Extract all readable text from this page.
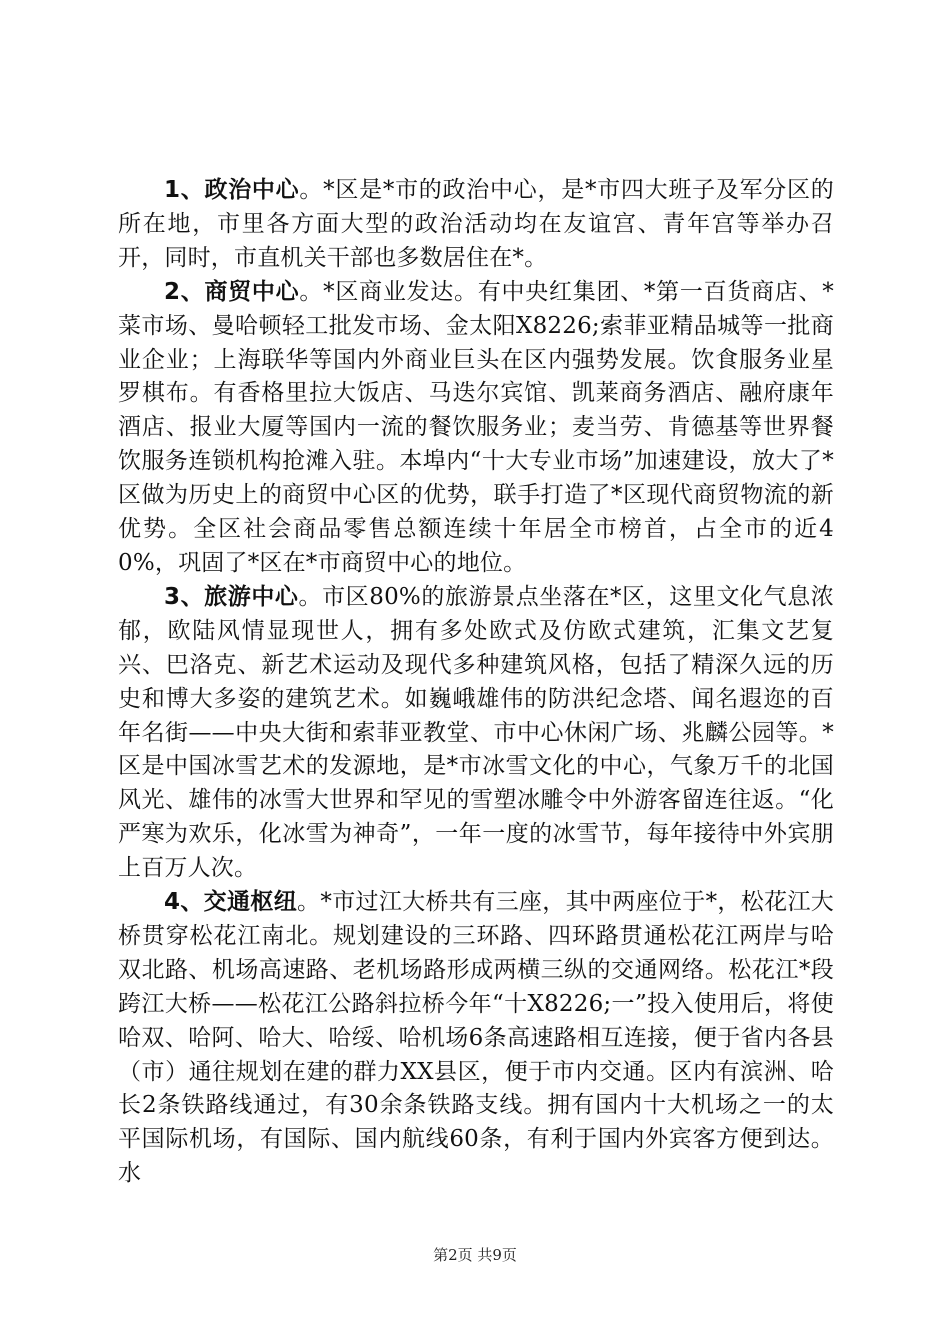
1、政治中心。*区是*市的政治中心，是*市四大班子及军分区的所在地，市里各方面大型的政治活动均在友谊宫、青年宫等举办召开，同时，市直机关干部也多数居住在*。

2、商贸中心。*区商业发达。有中央红集团、*第一百货商店、*菜市场、曼哈顿轻工批发市场、金太阳X8226;索菲亚精品城等一批商业企业；上海联华等国内外商业巨头在区内强势发展。饮食服务业星罗棋布。有香格里拉大饭店、马迭尔宾馆、凯莱商务酒店、融府康年酒店、报业大厦等国内一流的餐饮服务业；麦当劳、肯德基等世界餐饮服务连锁机构抢滩入驻。本埠内“十大专业市场”加速建设，放大了*区做为历史上的商贸中心区的优势，联手打造了*区现代商贸物流的新优势。全区社会商品零售总额连续十年居全市榜首，占全市的近40%，巩固了*区在*市商贸中心的地位。

3、旅游中心。市区80%的旅游景点坐落在*区，这里文化气息浓郁，欧陆风情显现世人，拥有多处欧式及仿欧式建筑，汇集文艺复兴、巴洛克、新艺术运动及现代多种建筑风格，包括了精深久远的历史和博大多姿的建筑艺术。如巍峨雄伟的防洪纪念塔、闻名遐迩的百年名街——中央大街和索菲亚教堂、市中心休闲广场、兆麟公园等。*区是中国冰雪艺术的发源地，是*市冰雪文化的中心，气象万千的北国风光、雄伟的冰雪大世界和罕见的雪塑冰雕令中外游客留连往返。“化严寒为欢乐，化冰雪为神奇”，一年一度的冰雪节，每年接待中外宾朋上百万人次。

4、交通枢纽。*市过江大桥共有三座，其中两座位于*，松花江大桥贯穿松花江南北。规划建设的三环路、四环路贯通松花江两岸与哈双北路、机场高速路、老机场路形成两横三纵的交通网络。松花江*段跨江大桥——松花江公路斜拉桥今年“十X8226;一”投入使用后，将使哈双、哈阿、哈大、哈绥、哈机场6条高速路相互连接，便于省内各县（市）通往规划在建的群力XX县区，便于市内交通。区内有滨洲、哈长2条铁路线通过，有30余条铁路支线。拥有国内十大机场之一的太平国际机场，有国际、国内航线60条，有利于国内外宾客方便到达。水

第2页 共9页
